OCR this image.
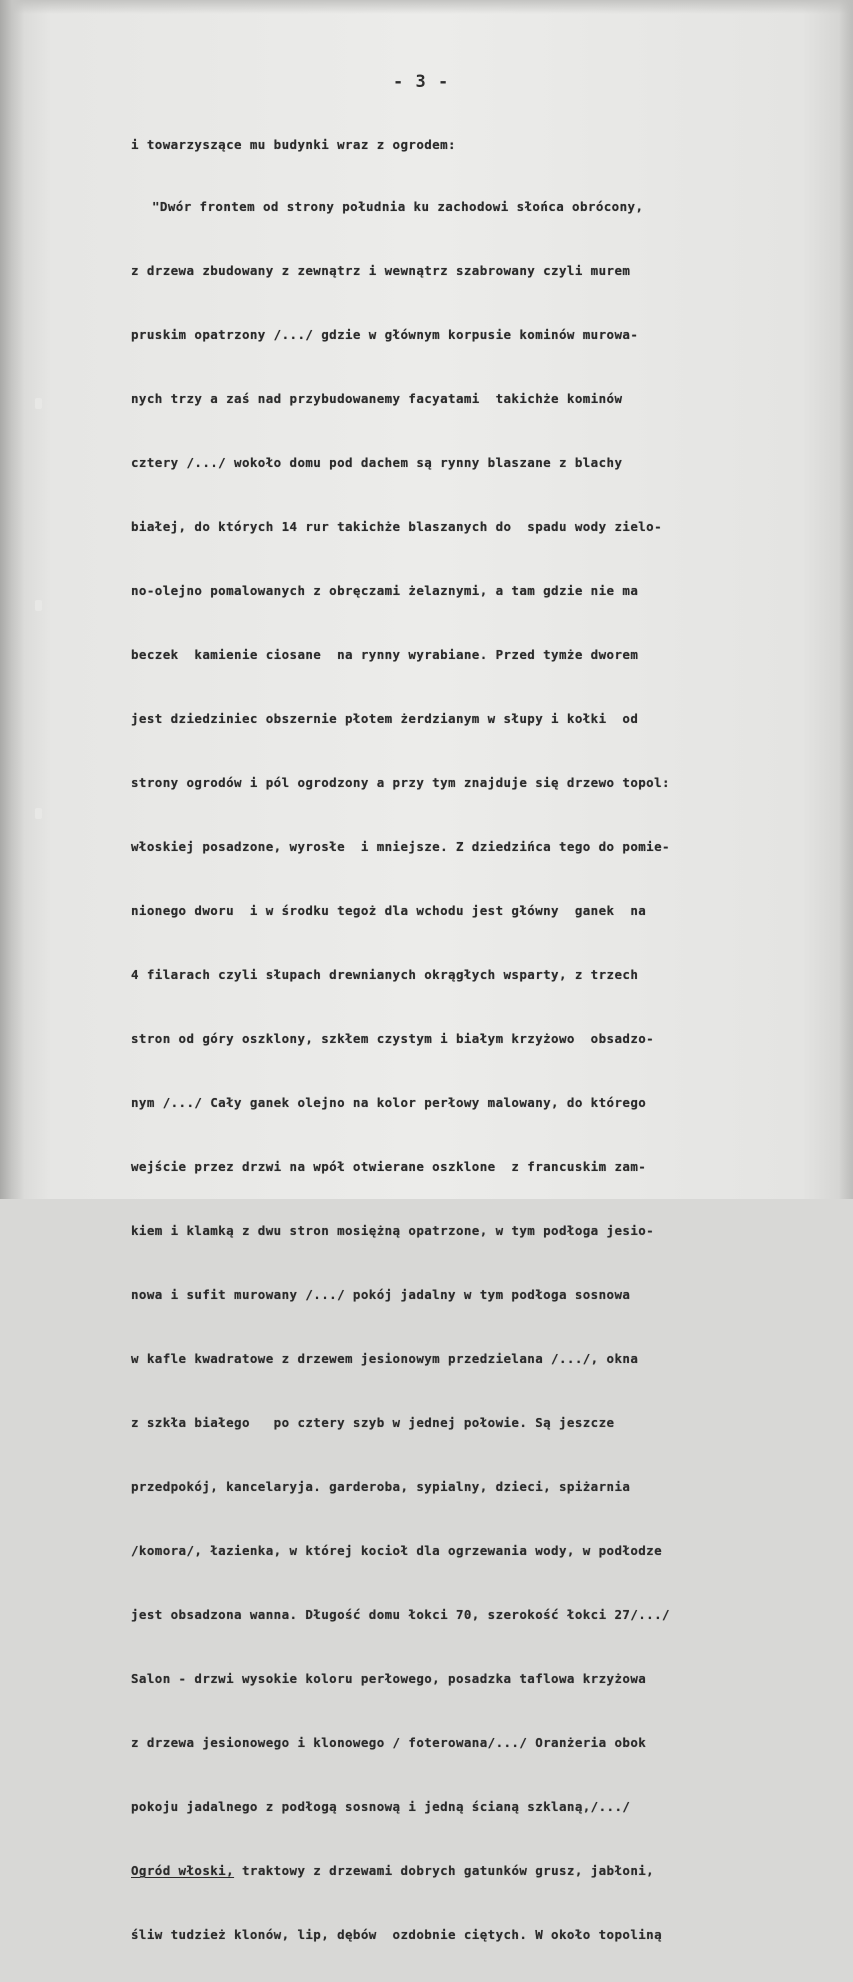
- 3 -

i towarzyszące mu budynki wraz z ogrodem:

"Dwór frontem od strony południa ku zachodowi słońca obrócony,

z drzewa zbudowany z zewnątrz i wewnątrz szabrowany czyli murem

pruskim opatrzony /.../ gdzie w głównym korpusie kominów murowa-

nych trzy a zaś nad przybudowanemy facyatami  takichże kominów

cztery /.../ wokoło domu pod dachem są rynny blaszane z blachy

białej, do których 14 rur takichże blaszanych do  spadu wody zielo-

no-olejno pomalowanych z obręczami żelaznymi, a tam gdzie nie ma

beczek  kamienie ciosane  na rynny wyrabiane. Przed tymże dworem

jest dziedziniec obszernie płotem żerdzianym w słupy i kołki  od

strony ogrodów i pól ogrodzony a przy tym znajduje się drzewo topol:

włoskiej posadzone, wyrosłe  i mniejsze. Z dziedzińca tego do pomie-

nionego dworu  i w środku tegoż dla wchodu jest główny  ganek  na

4 filarach czyli słupach drewnianych okrągłych wsparty, z trzech

stron od góry oszklony, szkłem czystym i białym krzyżowo  obsadzo-

nym /.../ Cały ganek olejno na kolor perłowy malowany, do którego

wejście przez drzwi na wpół otwierane oszklone  z francuskim zam-

kiem i klamką z dwu stron mosiężną opatrzone, w tym podłoga jesio-

nowa i sufit murowany /.../ pokój jadalny w tym podłoga sosnowa

w kafle kwadratowe z drzewem jesionowym przedzielana /.../, okna

z szkła białego   po cztery szyb w jednej połowie. Są jeszcze

przedpokój, kancelaryja. garderoba, sypialny, dzieci, spiżarnia

/komora/, łazienka, w której kocioł dla ogrzewania wody, w podłodze

jest obsadzona wanna. Długość domu łokci 70, szerokość łokci 27/.../

Salon - drzwi wysokie koloru perłowego, posadzka taflowa krzyżowa

z drzewa jesionowego i klonowego / foterowana/.../ Oranżeria obok

pokoju jadalnego z podłogą sosnową i jedną ścianą szklaną,/.../

Ogród włoski, traktowy z drzewami dobrych gatunków grusz, jabłoni,

śliw tudzież klonów, lip, dębów  ozdobnie ciętych. W około topoliną
